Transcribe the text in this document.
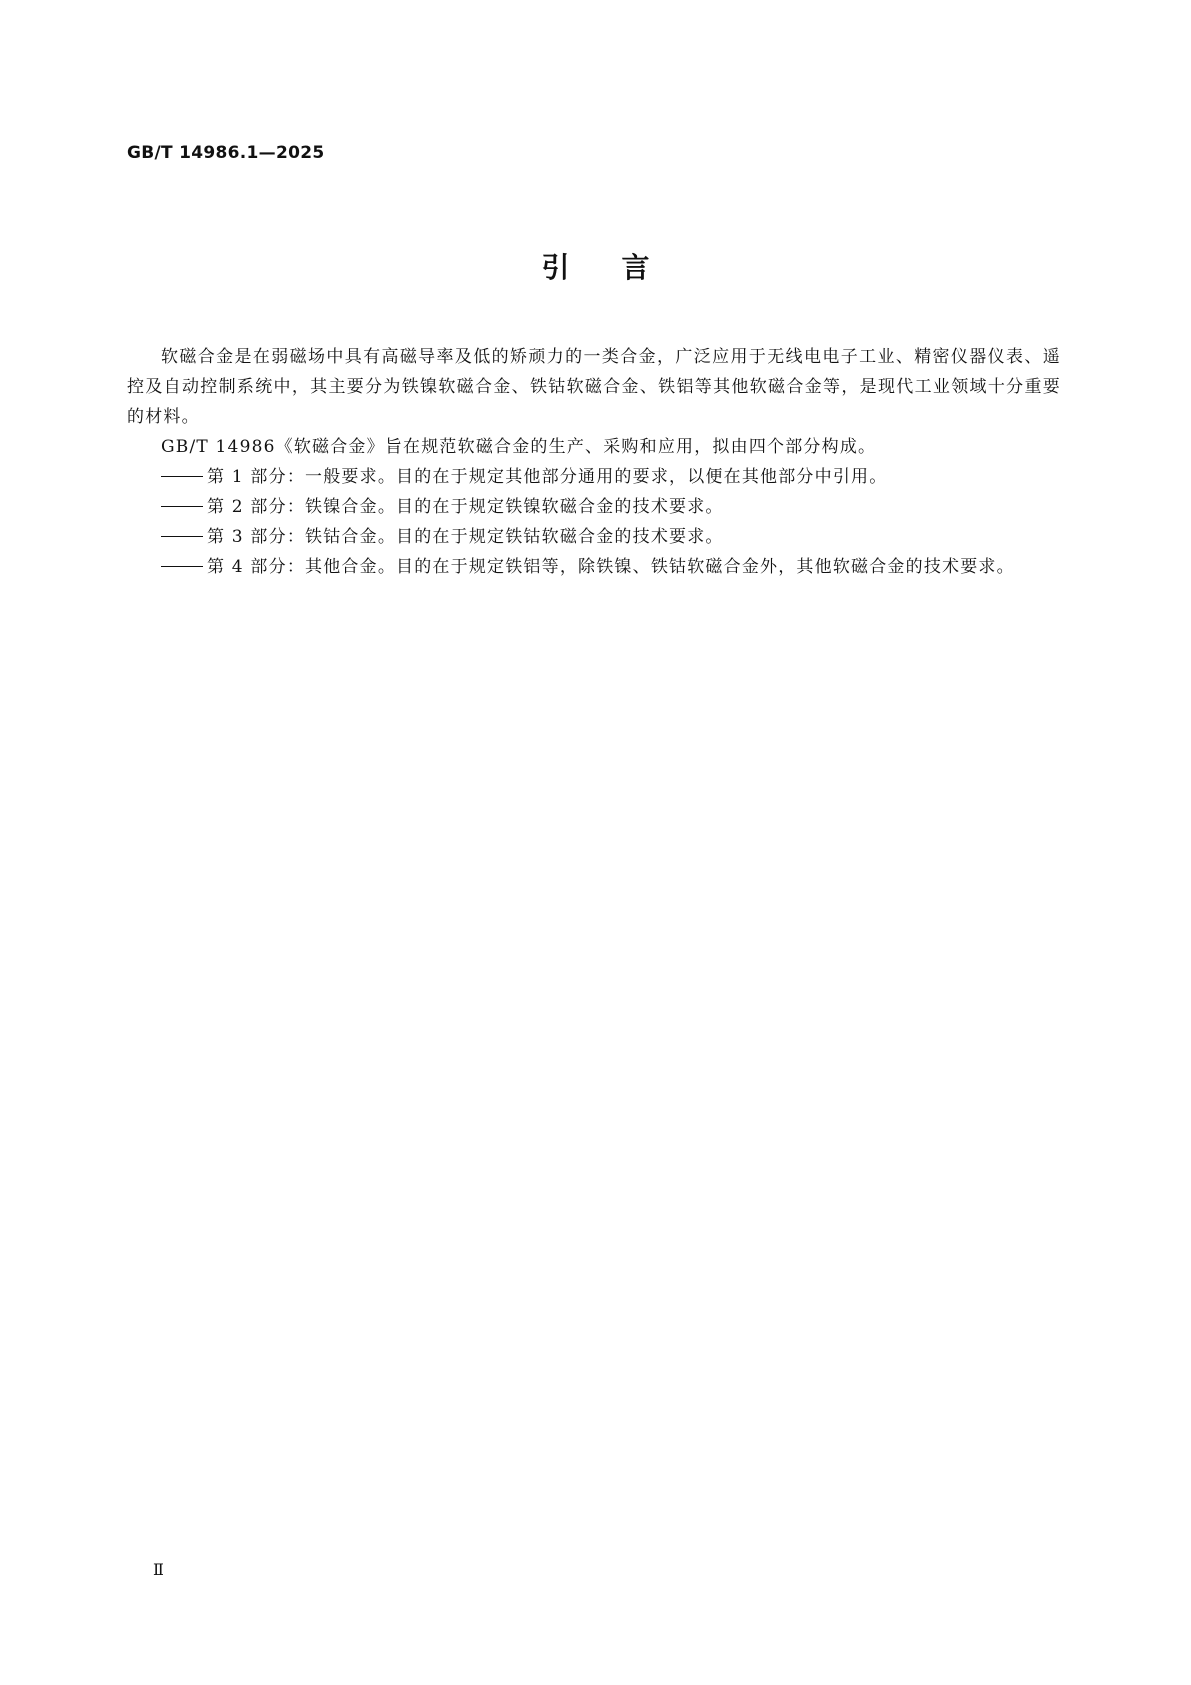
GB/T 14986.1—2025
引言

软磁合金是在弱磁场中具有高磁导率及低的矫顽力的一类合金，广泛应用于无线电电子工业、精密仪器仪表、遥控及自动控制系统中，其主要分为铁镍软磁合金、铁钴软磁合金、铁铝等其他软磁合金等，是现代工业领域十分重要的材料。

GB/T 14986《软磁合金》旨在规范软磁合金的生产、采购和应用，拟由四个部分构成。

第 1 部分：一般要求。目的在于规定其他部分通用的要求，以便在其他部分中引用。
第 2 部分：铁镍合金。目的在于规定铁镍软磁合金的技术要求。
第 3 部分：铁钴合金。目的在于规定铁钴软磁合金的技术要求。
第 4 部分：其他合金。目的在于规定铁铝等，除铁镍、铁钴软磁合金外，其他软磁合金的技术要求。
Ⅱ
